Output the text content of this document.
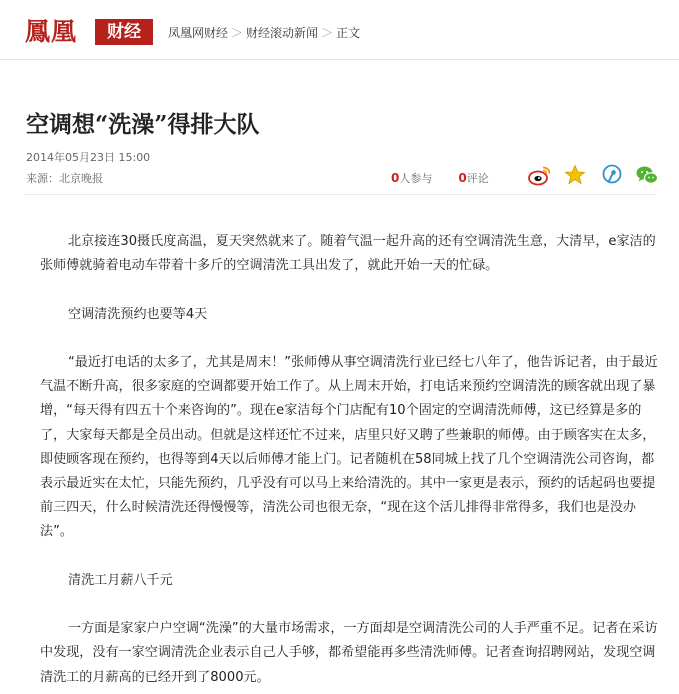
鳳凰	财经	凤凰网财经 ＞ 财经滚动新闻 ＞ 正文
空调想“洗澡”得排大队
2014年05月23日 15:00
来源：北京晚报	0人参与 0评论

北京接连30摄氏度高温，夏天突然就来了。随着气温一起升高的还有空调清洗生意，大清早，e家洁的张师傅就骑着电动车带着十多斤的空调清洗工具出发了，就此开始一天的忙碌。

空调清洗预约也要等4天

“最近打电话的太多了，尤其是周末！”张师傅从事空调清洗行业已经七八年了，他告诉记者，由于最近气温不断升高，很多家庭的空调都要开始工作了。从上周末开始，打电话来预约空调清洗的顾客就出现了暴增，“每天得有四五十个来咨询的”。现在e家洁每个门店配有10个固定的空调清洗师傅，这已经算是多的了，大家每天都是全员出动。但就是这样还忙不过来，店里只好又聘了些兼职的师傅。由于顾客实在太多，即使顾客现在预约，也得等到4天以后师傅才能上门。记者随机在58同城上找了几个空调清洗公司咨询，都表示最近实在太忙，只能先预约，几乎没有可以马上来给清洗的。其中一家更是表示，预约的话起码也要提前三四天，什么时候清洗还得慢慢等，清洗公司也很无奈，“现在这个活儿排得非常得多，我们也是没办法”。

清洗工月薪八千元

一方面是家家户户空调“洗澡”的大量市场需求，一方面却是空调清洗公司的人手严重不足。记者在采访中发现，没有一家空调清洗企业表示自己人手够，都希望能再多些清洗师傅。记者查询招聘网站，发现空调清洗工的月薪高的已经开到了8000元。
